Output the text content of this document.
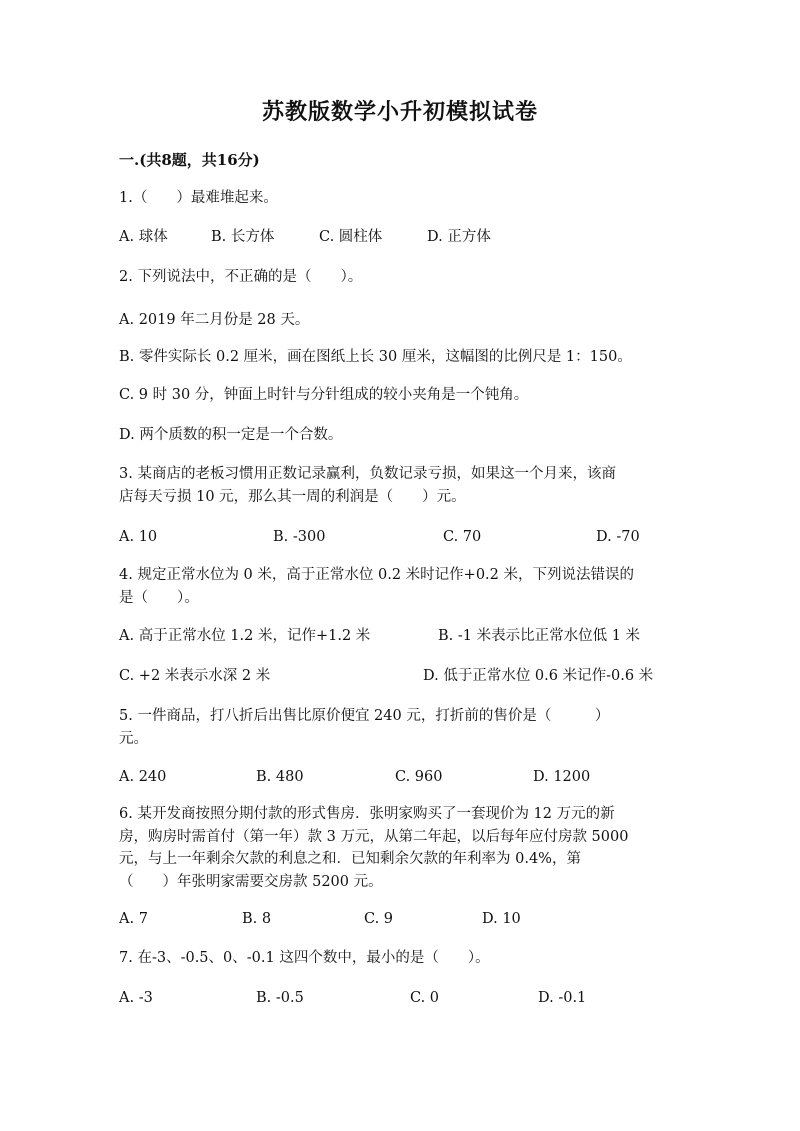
苏教版数学小升初模拟试卷
一.(共8题，共16分)
1.（　　）最难堆起来。
A. 球体	B. 长方体	C. 圆柱体	D. 正方体
2. 下列说法中，不正确的是（　　）。
A. 2019 年二月份是 28 天。
B. 零件实际长 0.2 厘米，画在图纸上长 30 厘米，这幅图的比例尺是 1：150。
C. 9 时 30 分，钟面上时针与分针组成的较小夹角是一个钝角。
D. 两个质数的积一定是一个合数。
3. 某商店的老板习惯用正数记录赢利，负数记录亏损，如果这一个月来，该商
店每天亏损 10 元，那么其一周的利润是（　　）元。
A. 10	B. -300	C. 70	D. -70
4. 规定正常水位为 0 米，高于正常水位 0.2 米时记作+0.2 米，下列说法错误的
是（　　）。
A. 高于正常水位 1.2 米，记作+1.2 米	B. -1 米表示比正常水位低 1 米
C. +2 米表示水深 2 米	D. 低于正常水位 0.6 米记作-0.6 米
5. 一件商品，打八折后出售比原价便宜 240 元，打折前的售价是（　　　）
元。
A. 240	B. 480	C. 960	D. 1200
6. 某开发商按照分期付款的形式售房．张明家购买了一套现价为 12 万元的新
房，购房时需首付（第一年）款 3 万元，从第二年起，以后每年应付房款 5000
元，与上一年剩余欠款的利息之和．已知剩余欠款的年利率为 0.4%，第
（　　）年张明家需要交房款 5200 元。
A. 7	B. 8	C. 9	D. 10
7. 在-3、-0.5、0、-0.1 这四个数中，最小的是（　　）。
A. -3	B. -0.5	C. 0	D. -0.1
